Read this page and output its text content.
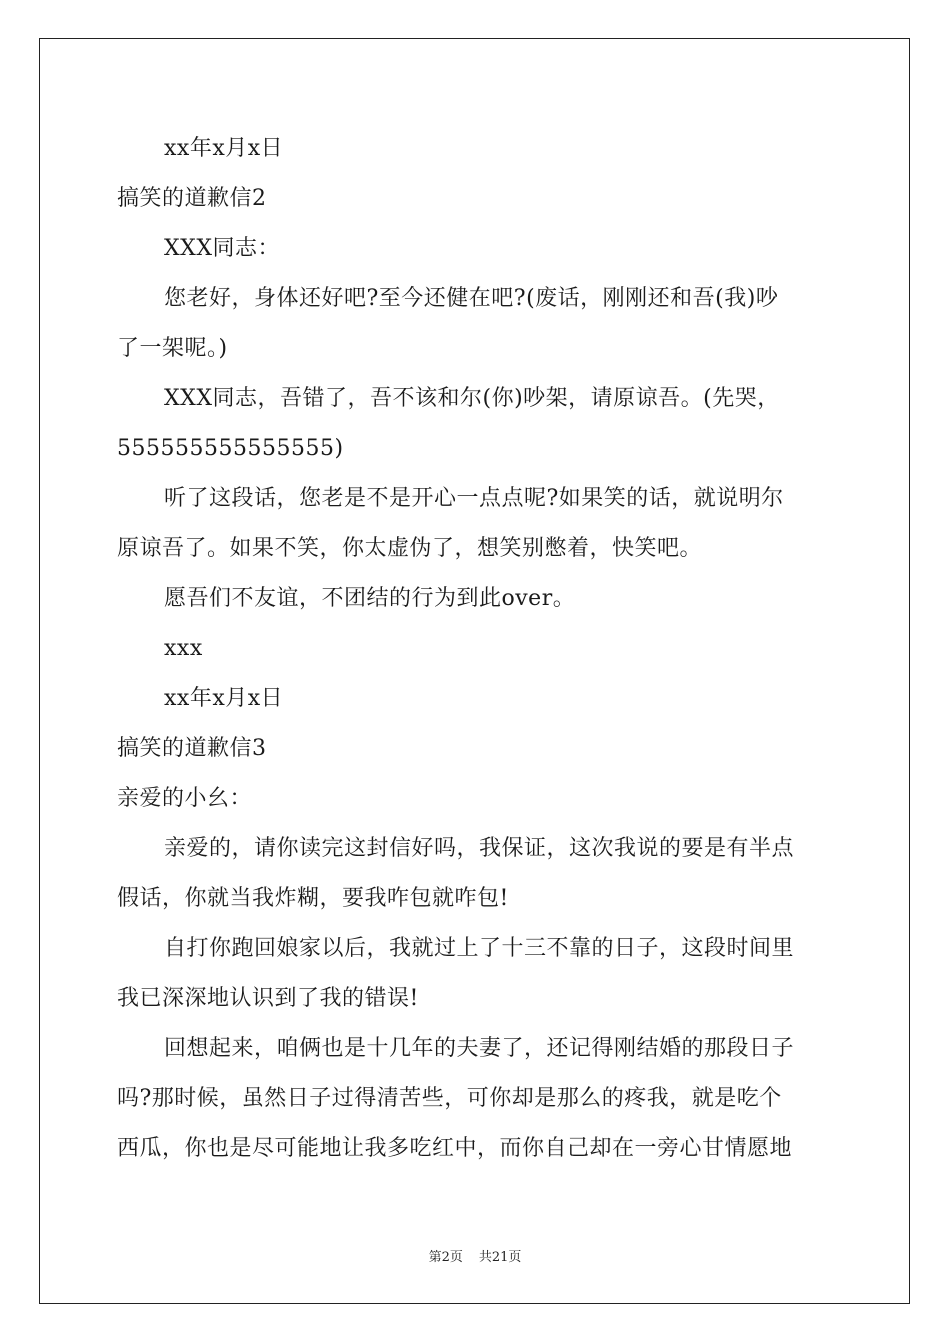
xx年x月x日
搞笑的道歉信2
XXX同志：
您老好，身体还好吧?至今还健在吧?(废话，刚刚还和吾(我)吵
了一架呢。)
XXX同志，吾错了，吾不该和尔(你)吵架，请原谅吾。(先哭，
555555555555555)
听了这段话，您老是不是开心一点点呢?如果笑的话，就说明尔
原谅吾了。如果不笑，你太虚伪了，想笑别憋着，快笑吧。
愿吾们不友谊，不团结的行为到此over。
xxx
xx年x月x日
搞笑的道歉信3
亲爱的小幺：
亲爱的，请你读完这封信好吗，我保证，这次我说的要是有半点
假话，你就当我炸糊，要我咋包就咋包!
自打你跑回娘家以后，我就过上了十三不靠的日子，这段时间里
我已深深地认识到了我的错误!
回想起来，咱俩也是十几年的夫妻了，还记得刚结婚的那段日子
吗?那时候，虽然日子过得清苦些，可你却是那么的疼我，就是吃个
西瓜，你也是尽可能地让我多吃红中，而你自己却在一旁心甘情愿地
第2页 共21页
